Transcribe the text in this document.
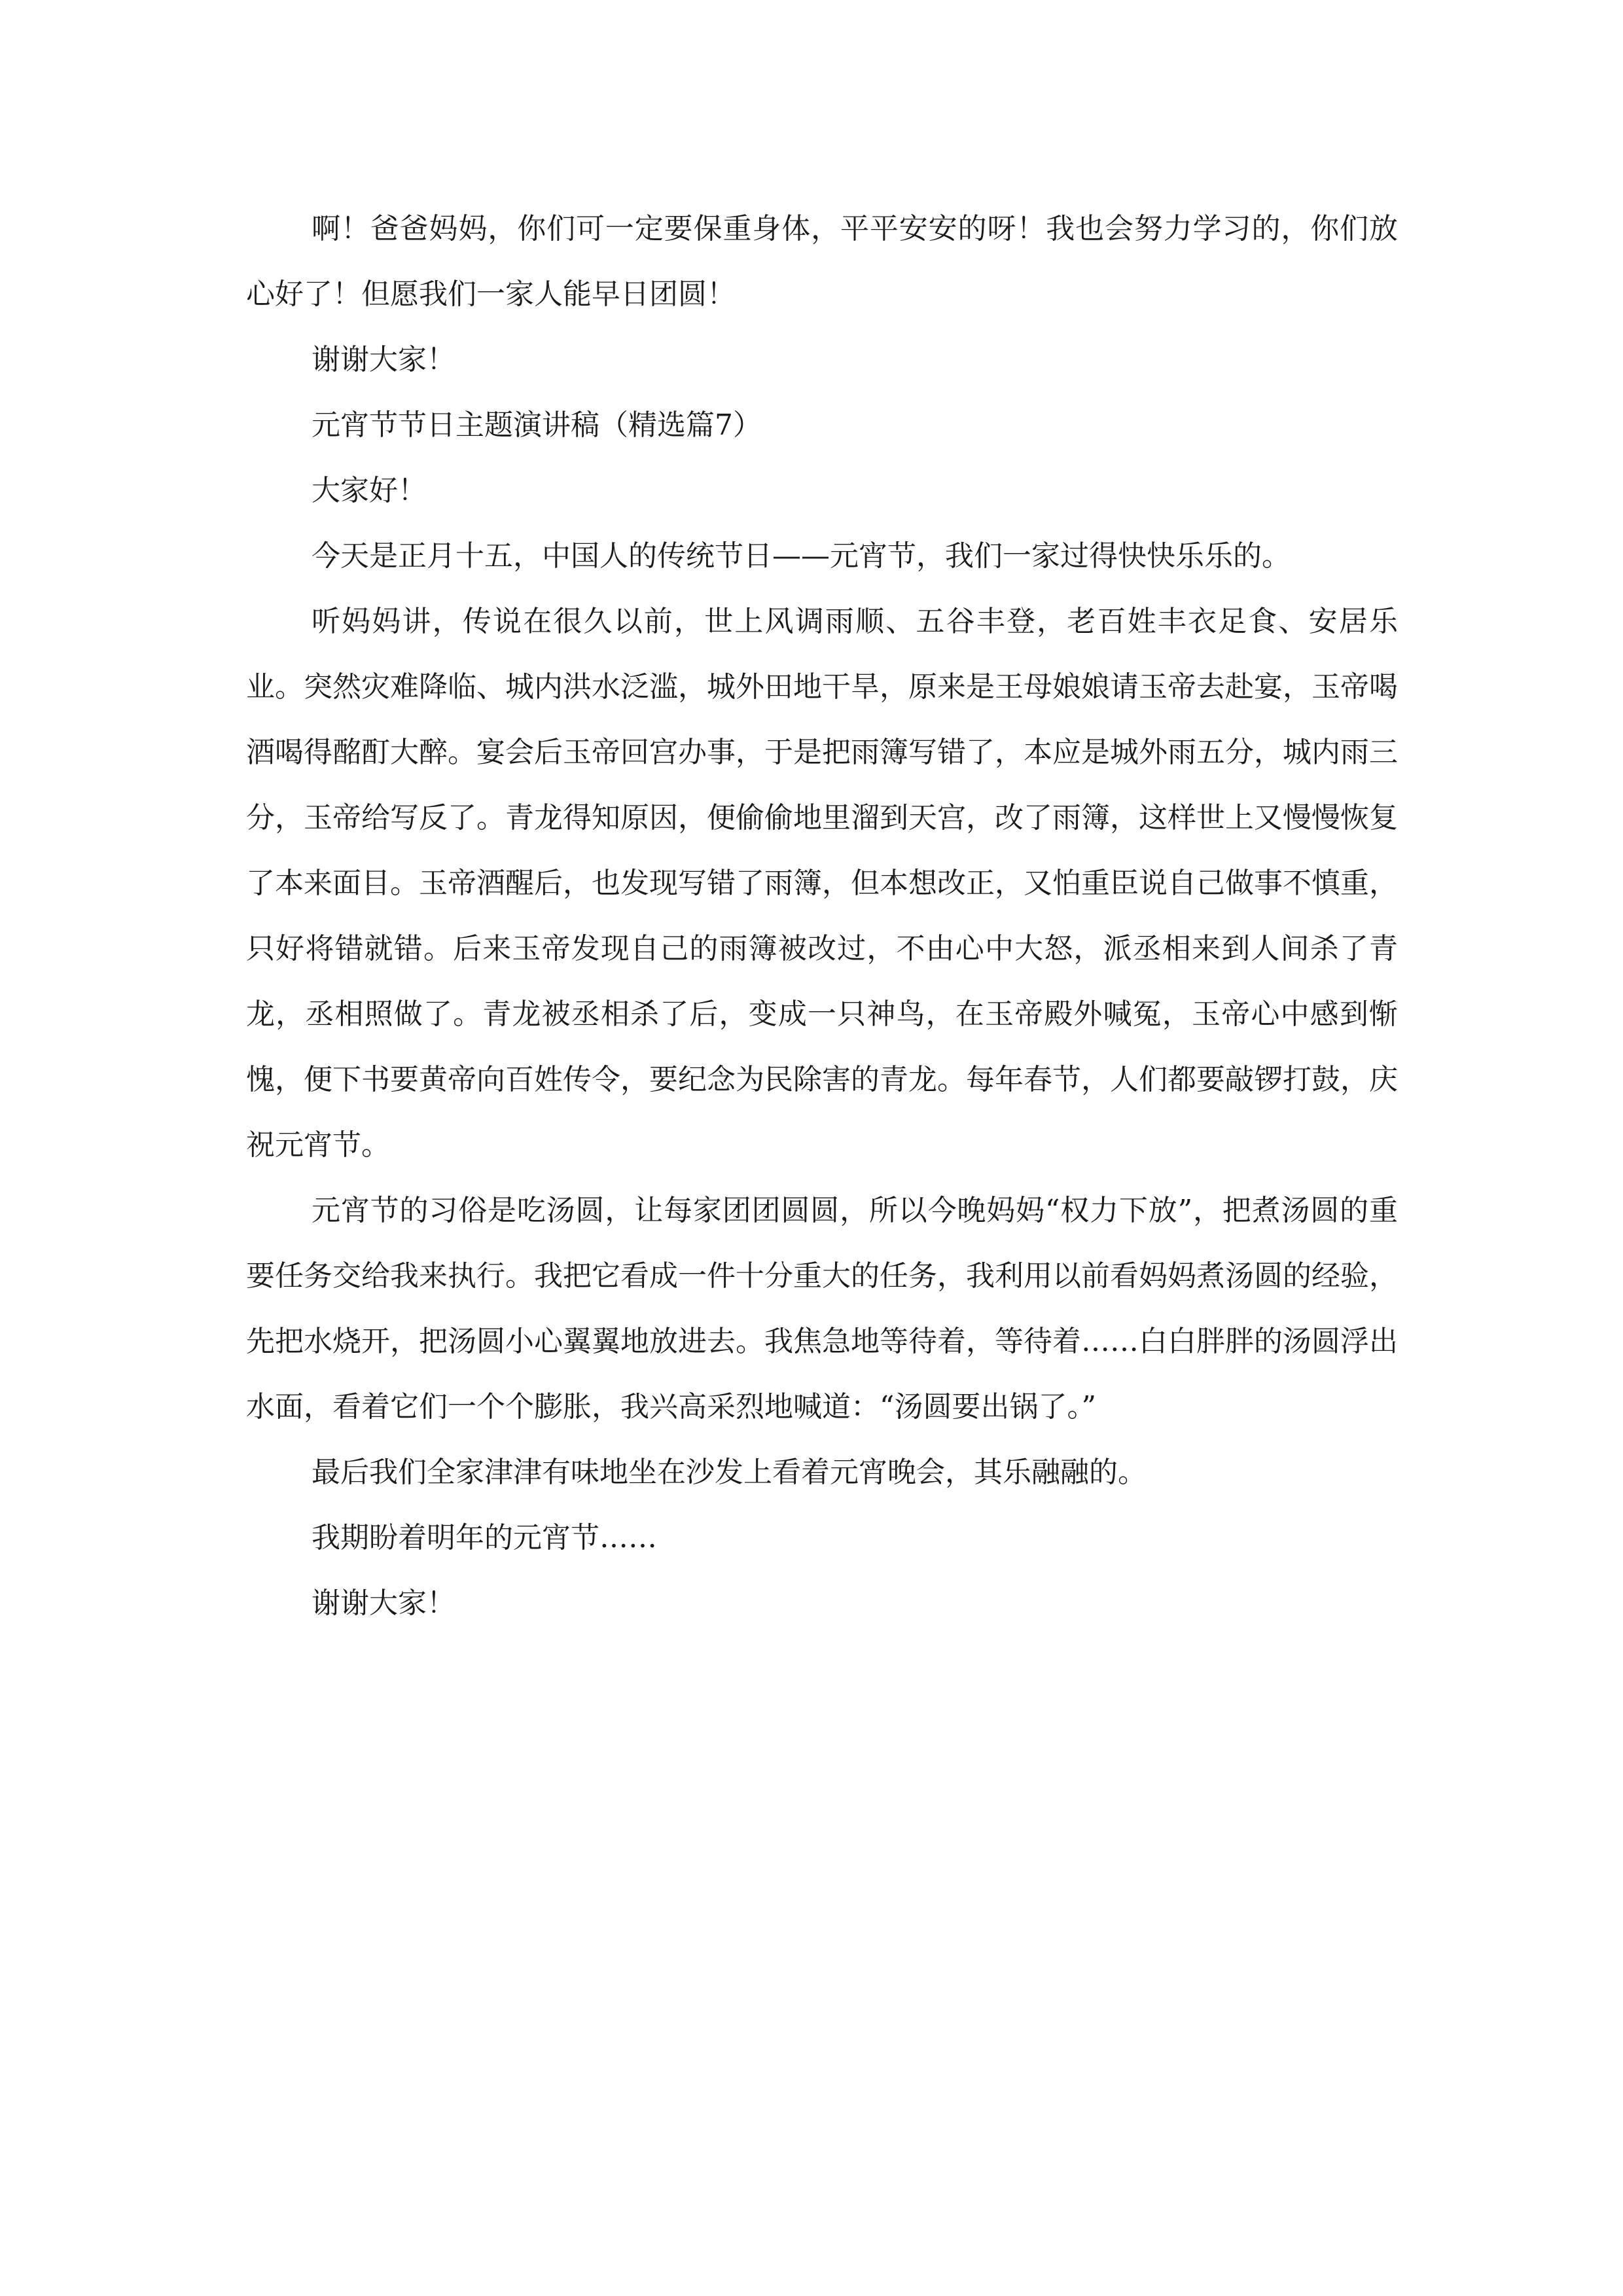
啊！爸爸妈妈，你们可一定要保重身体，平平安安的呀！我也会努力学习的，你们放心好了！但愿我们一家人能早日团圆！

谢谢大家！

元宵节节日主题演讲稿（精选篇7）

大家好！

今天是正月十五，中国人的传统节日——元宵节，我们一家过得快快乐乐的。

听妈妈讲，传说在很久以前，世上风调雨顺、五谷丰登，老百姓丰衣足食、安居乐业。突然灾难降临、城内洪水泛滥，城外田地干旱，原来是王母娘娘请玉帝去赴宴，玉帝喝酒喝得酩酊大醉。宴会后玉帝回宫办事，于是把雨簿写错了，本应是城外雨五分，城内雨三分，玉帝给写反了。青龙得知原因，便偷偷地里溜到天宫，改了雨簿，这样世上又慢慢恢复了本来面目。玉帝酒醒后，也发现写错了雨簿，但本想改正，又怕重臣说自己做事不慎重，只好将错就错。后来玉帝发现自己的雨簿被改过，不由心中大怒，派丞相来到人间杀了青龙，丞相照做了。青龙被丞相杀了后，变成一只神鸟，在玉帝殿外喊冤，玉帝心中感到惭愧，便下书要黄帝向百姓传令，要纪念为民除害的青龙。每年春节，人们都要敲锣打鼓，庆祝元宵节。

元宵节的习俗是吃汤圆，让每家团团圆圆，所以今晚妈妈“权力下放”，把煮汤圆的重要任务交给我来执行。我把它看成一件十分重大的任务，我利用以前看妈妈煮汤圆的经验，先把水烧开，把汤圆小心翼翼地放进去。我焦急地等待着，等待着……白白胖胖的汤圆浮出水面，看着它们一个个膨胀，我兴高采烈地喊道：“汤圆要出锅了。”

最后我们全家津津有味地坐在沙发上看着元宵晚会，其乐融融的。

我期盼着明年的元宵节……

谢谢大家！
